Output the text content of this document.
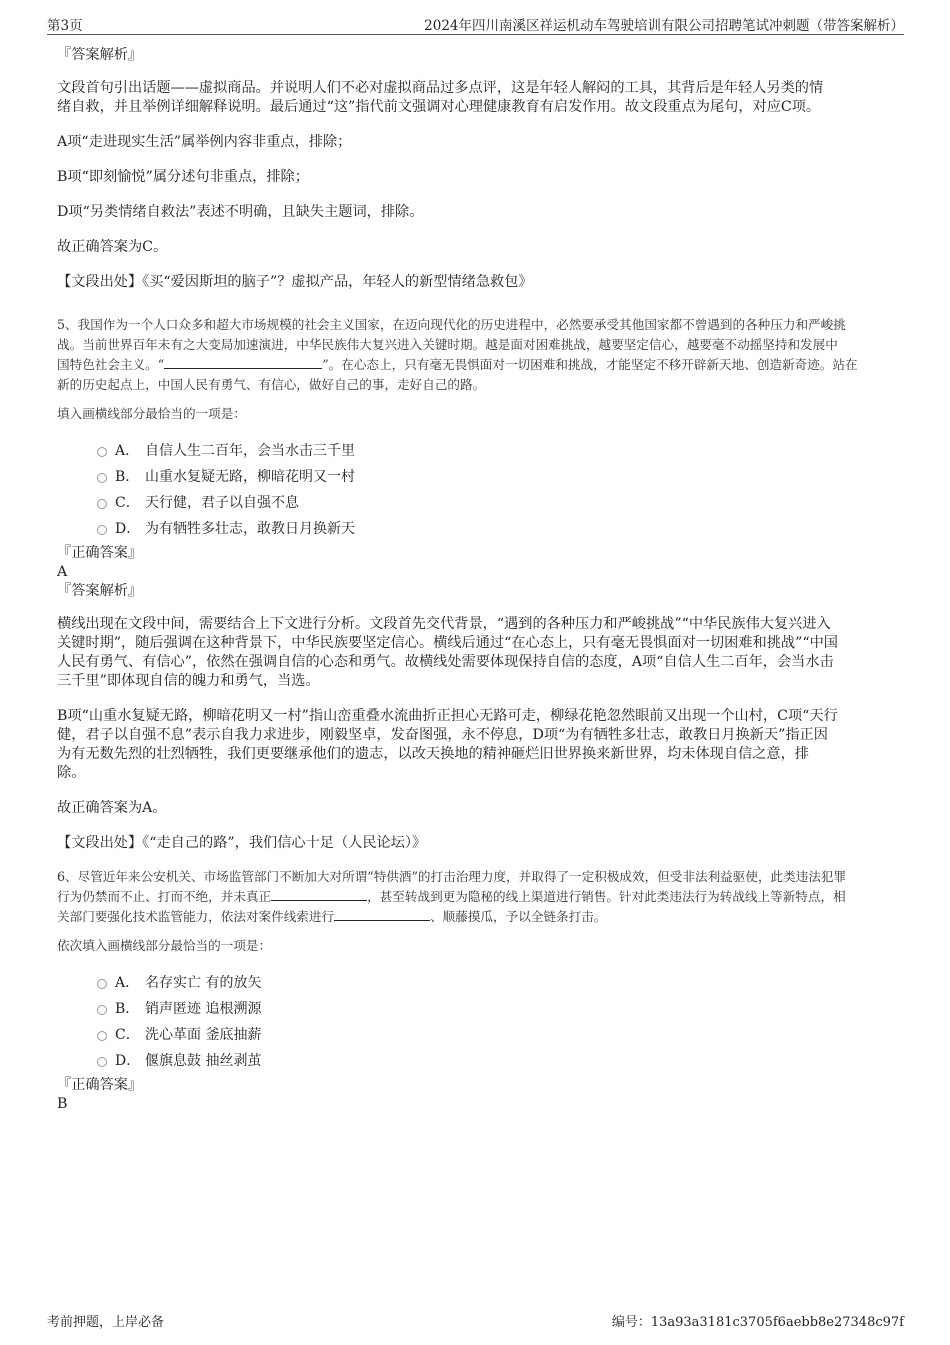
第3页	2024年四川南溪区祥运机动车驾驶培训有限公司招聘笔试冲刺题（带答案解析）

『答案解析』

文段首句引出话题——虚拟商品。并说明人们不必对虚拟商品过多点评，这是年轻人解闷的工具，其背后是年轻人另类的情

绪自救，并且举例详细解释说明。最后通过“这”指代前文强调对心理健康教育有启发作用。故文段重点为尾句，对应C项。

A项“走进现实生活”属举例内容非重点，排除；

B项“即刻愉悦”属分述句非重点，排除；

D项“另类情绪自救法”表述不明确，且缺失主题词，排除。

故正确答案为C。

【文段出处】《买“爱因斯坦的脑子”？虚拟产品，年轻人的新型情绪急救包》

5、我国作为一个人口众多和超大市场规模的社会主义国家，在迈向现代化的历史进程中，必然要承受其他国家都不曾遇到的各种压力和严峻挑

战。当前世界百年未有之大变局加速演进，中华民族伟大复兴进入关键时期。越是面对困难挑战，越要坚定信心，越要毫不动摇坚持和发展中

国特色社会主义。“	”。在心态上，只有毫无畏惧面对一切困难和挑战，才能坚定不移开辟新天地、创造新奇迹。站在

新的历史起点上，中国人民有勇气、有信心，做好自己的事，走好自己的路。

填入画横线部分最恰当的一项是：

A． 自信人生二百年，会当水击三千里
B． 山重水复疑无路，柳暗花明又一村
C． 天行健，君子以自强不息
D． 为有牺牲多壮志，敢教日月换新天

『正确答案』

A

『答案解析』

横线出现在文段中间，需要结合上下文进行分析。文段首先交代背景，“遇到的各种压力和严峻挑战”“中华民族伟大复兴进入

关键时期”，随后强调在这种背景下，中华民族要坚定信心。横线后通过“在心态上，只有毫无畏惧面对一切困难和挑战”“中国

人民有勇气、有信心”，依然在强调自信的心态和勇气。故横线处需要体现保持自信的态度，A项“自信人生二百年，会当水击

三千里”即体现自信的魄力和勇气，当选。

B项“山重水复疑无路，柳暗花明又一村”指山峦重叠水流曲折正担心无路可走，柳绿花艳忽然眼前又出现一个山村，C项“天行

健，君子以自强不息”表示自我力求进步，刚毅坚卓，发奋图强，永不停息，D项“为有牺牲多壮志，敢教日月换新天”指正因

为有无数先烈的壮烈牺牲，我们更要继承他们的遗志，以改天换地的精神砸烂旧世界换来新世界，均未体现自信之意，排

除。

故正确答案为A。

【文段出处】《“走自己的路”，我们信心十足（人民论坛）》

6、尽管近年来公安机关、市场监管部门不断加大对所谓“特供酒”的打击治理力度，并取得了一定积极成效，但受非法利益驱使，此类违法犯罪

行为仍禁而不止、打而不绝，并未真正	，甚至转战到更为隐秘的线上渠道进行销售。针对此类违法行为转战线上等新特点，相

关部门要强化技术监管能力，依法对案件线索进行	、顺藤摸瓜，予以全链条打击。

依次填入画横线部分最恰当的一项是：

A． 名存实亡 有的放矢
B． 销声匿迹 追根溯源
C． 洗心革面 釜底抽薪
D． 偃旗息鼓 抽丝剥茧

『正确答案』

B

考前押题，上岸必备	编号：13a93a3181c3705f6aebb8e27348c97f
